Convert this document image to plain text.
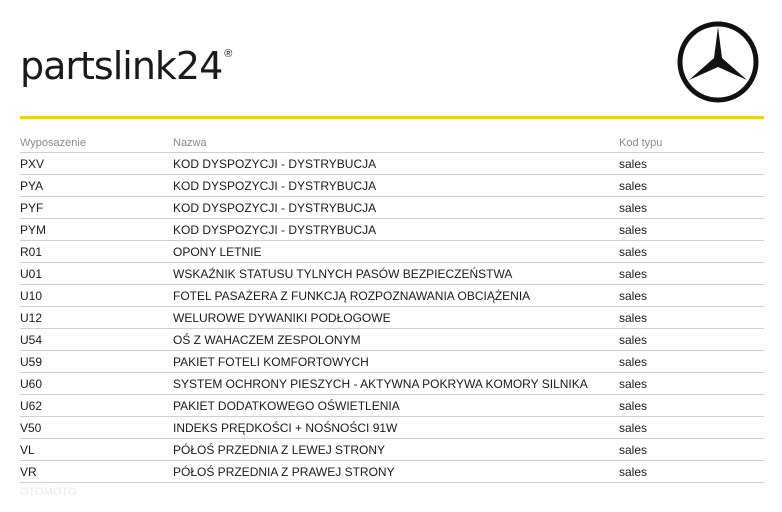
partslink24 ®
Wyposazenie	Nazwa	Kod typu
PXV	KOD DYSPOZYCJI - DYSTRYBUCJA	sales
PYA	KOD DYSPOZYCJI - DYSTRYBUCJA	sales
PYF	KOD DYSPOZYCJI - DYSTRYBUCJA	sales
PYM	KOD DYSPOZYCJI - DYSTRYBUCJA	sales
R01	OPONY LETNIE	sales
U01	WSKAŹNIK STATUSU TYLNYCH PASÓW BEZPIECZEŃSTWA	sales
U10	FOTEL PASAŻERA Z FUNKCJĄ ROZPOZNAWANIA OBCIĄŻENIA	sales
U12	WELUROWE DYWANIKI PODŁOGOWE	sales
U54	OŚ Z WAHACZEM ZESPOLONYM	sales
U59	PAKIET FOTELI KOMFORTOWYCH	sales
U60	SYSTEM OCHRONY PIESZYCH - AKTYWNA POKRYWA KOMORY SILNIKA	sales
U62	PAKIET DODATKOWEGO OŚWIETLENIA	sales
V50	INDEKS PRĘDKOŚCI + NOŚNOŚCI 91W	sales
VL	PÓŁOŚ PRZEDNIA Z LEWEJ STRONY	sales
VR	PÓŁOŚ PRZEDNIA Z PRAWEJ STRONY	sales
OTOMOTO
